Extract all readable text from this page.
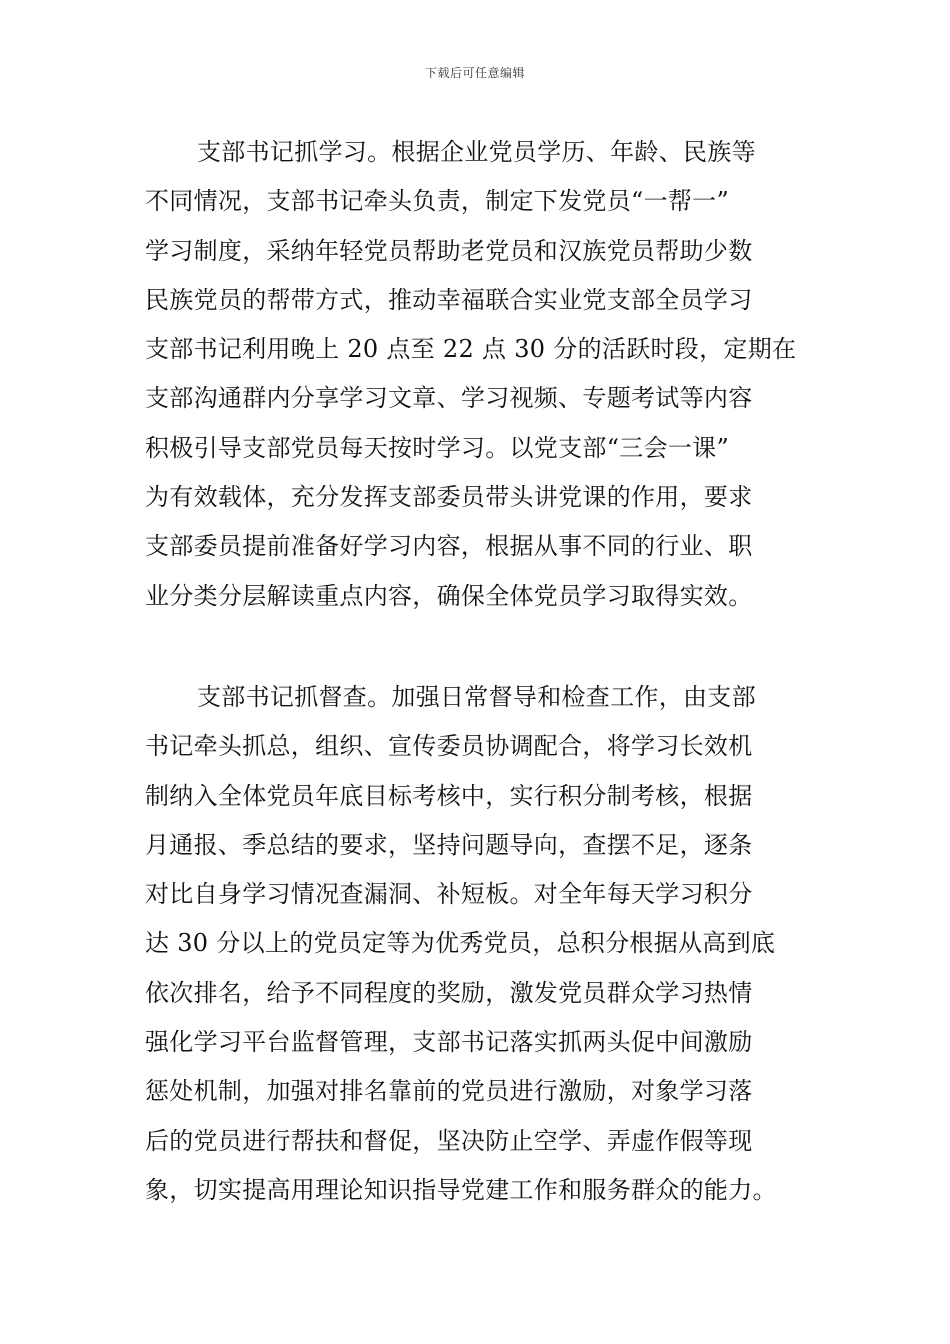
下载后可任意编辑
支部书记抓学习。根据企业党员学历、年龄、民族等
不同情况，支部书记牵头负责，制定下发党员“一帮一”
学习制度，采纳年轻党员帮助老党员和汉族党员帮助少数
民族党员的帮带方式，推动幸福联合实业党支部全员学习
支部书记利用晚上 20 点至 22 点 30 分的活跃时段，定期在
支部沟通群内分享学习文章、学习视频、专题考试等内容
积极引导支部党员每天按时学习。以党支部“三会一课”
为有效载体，充分发挥支部委员带头讲党课的作用，要求
支部委员提前准备好学习内容，根据从事不同的行业、职
业分类分层解读重点内容，确保全体党员学习取得实效。
支部书记抓督查。加强日常督导和检查工作，由支部
书记牵头抓总，组织、宣传委员协调配合，将学习长效机
制纳入全体党员年底目标考核中，实行积分制考核，根据
月通报、季总结的要求，坚持问题导向，查摆不足，逐条
对比自身学习情况查漏洞、补短板。对全年每天学习积分
达 30 分以上的党员定等为优秀党员，总积分根据从高到底
依次排名，给予不同程度的奖励，激发党员群众学习热情
强化学习平台监督管理，支部书记落实抓两头促中间激励
惩处机制，加强对排名靠前的党员进行激励，对象学习落
后的党员进行帮扶和督促，坚决防止空学、弄虚作假等现
象，切实提高用理论知识指导党建工作和服务群众的能力。
